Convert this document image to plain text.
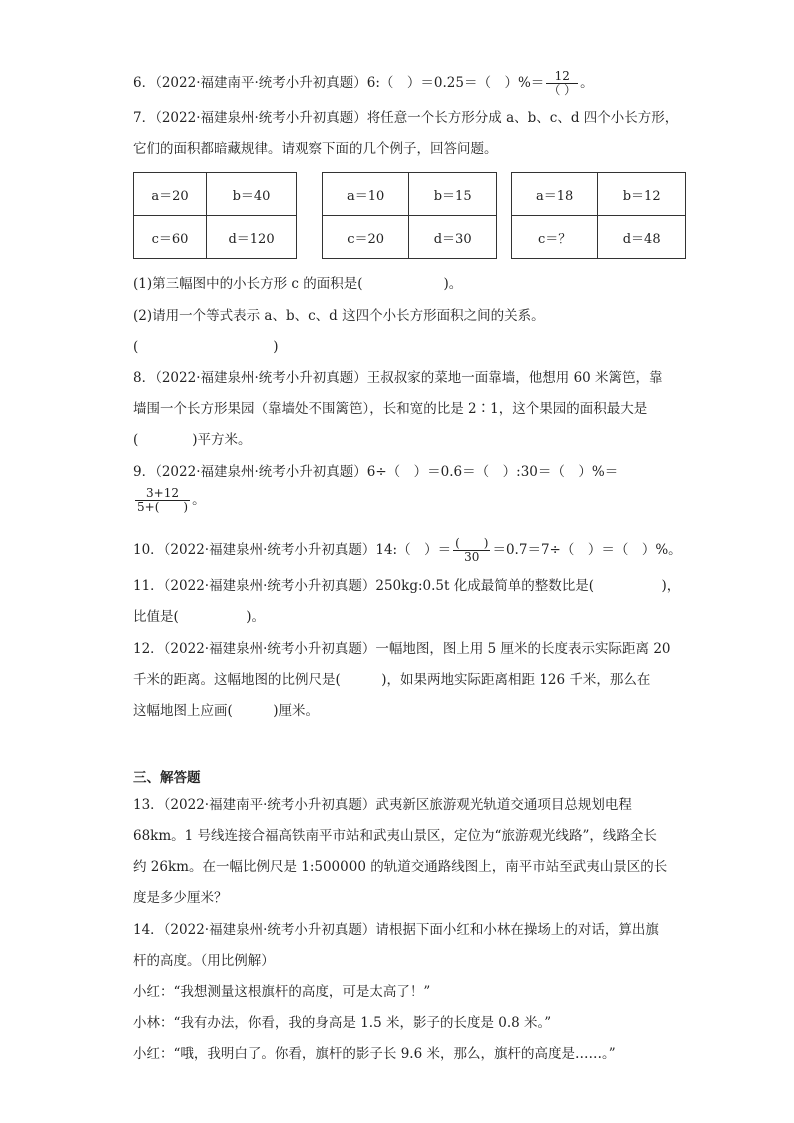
6．（2022·福建南平·统考小升初真题）6:（　）＝0.25＝（　）%＝ $\frac{12}{( )}$ 。
7．（2022·福建泉州·统考小升初真题）将任意一个长方形分成 a、b、c、d 四个小长方形，
它们的面积都暗藏规律。请观察下面的几个例子，回答问题。
a＝20	b＝40
c＝60	d＝120
a＝10	b＝15
c＝20	d＝30
a＝18	b＝12
c＝？	d＝48
(1)第三幅图中的小长方形 c 的面积是(　　　　　　)。
(2)请用一个等式表示 a、b、c、d 这四个小长方形面积之间的关系。
(　　　　　　　　　　)
8．（2022·福建泉州·统考小升初真题）王叔叔家的菜地一面靠墙，他想用 60 米篱笆，靠
墙围一个长方形果园（靠墙处不围篱笆），长和宽的比是 2∶1，这个果园的面积最大是
(　　　　)平方米。
9．（2022·福建泉州·统考小升初真题）6÷（　）＝0.6＝（　）:30＝（　）%＝
$\frac{3+12}{5+( )}$ 。
10．（2022·福建泉州·统考小升初真题）14:（　）＝ $\frac{( )}{30} =0.7=7\div$（　）＝（　）%。
11．（2022·福建泉州·统考小升初真题）250kg:0.5t 化成最简单的整数比是(　　　　　)，
比值是(　　　　　)。
12．（2022·福建泉州·统考小升初真题）一幅地图，图上用 5 厘米的长度表示实际距离 20
千米的距离。这幅地图的比例尺是(　　　)，如果两地实际距离相距 126 千米，那么在
这幅地图上应画(　　　)厘米。
三、解答题
13．（2022·福建南平·统考小升初真题）武夷新区旅游观光轨道交通项目总规划电程
68km。1 号线连接合福高铁南平市站和武夷山景区，定位为“旅游观光线路”，线路全长
约 26km。在一幅比例尺是 1:500000 的轨道交通路线图上，南平市站至武夷山景区的长
度是多少厘米？
14．（2022·福建泉州·统考小升初真题）请根据下面小红和小林在操场上的对话，算出旗
杆的高度。（用比例解）
小红：“我想测量这根旗杆的高度，可是太高了！”
小林：“我有办法，你看，我的身高是 1.5 米，影子的长度是 0.8 米。”
小红：“哦，我明白了。你看，旗杆的影子长 9.6 米，那么，旗杆的高度是……。”
